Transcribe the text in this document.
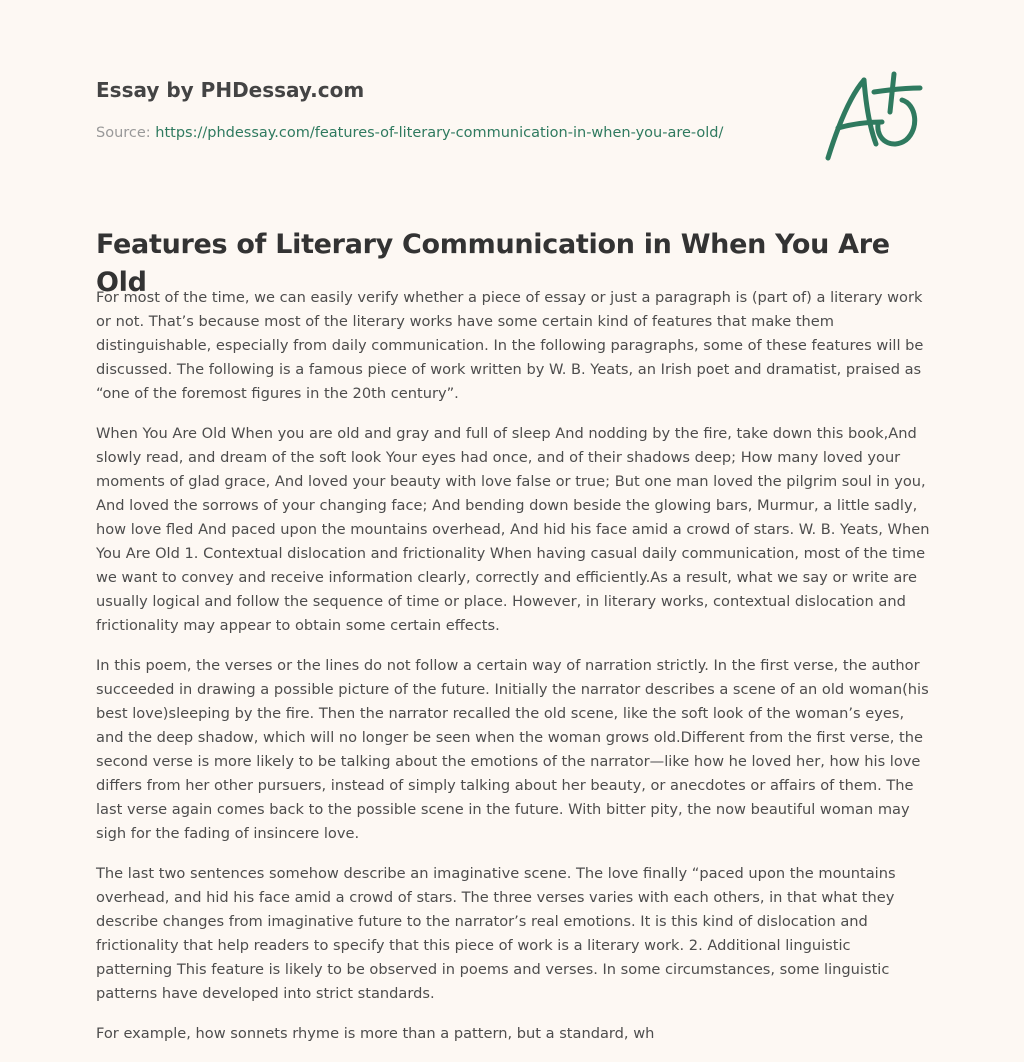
Essay by PHDessay.com
Source: https://phdessay.com/features-of-literary-communication-in-when-you-are-old/
Features of Literary Communication in When You Are Old

For most of the time, we can easily verify whether a piece of essay or just a paragraph is (part of) a literary work or not. That’s because most of the literary works have some certain kind of features that make them distinguishable, especially from daily communication. In the following paragraphs, some of these features will be discussed. The following is a famous piece of work written by W. B. Yeats, an Irish poet and dramatist, praised as “one of the foremost figures in the 20th century”.

When You Are Old When you are old and gray and full of sleep And nodding by the fire, take down this book,And slowly read, and dream of the soft look Your eyes had once, and of their shadows deep; How many loved your moments of glad grace, And loved your beauty with love false or true; But one man loved the pilgrim soul in you, And loved the sorrows of your changing face; And bending down beside the glowing bars, Murmur, a little sadly, how love fled And paced upon the mountains overhead, And hid his face amid a crowd of stars. W. B. Yeats, When You Are Old 1. Contextual dislocation and frictionality When having casual daily communication, most of the time we want to convey and receive information clearly, correctly and efficiently.As a result, what we say or write are usually logical and follow the sequence of time or place. However, in literary works, contextual dislocation and frictionality may appear to obtain some certain effects.

In this poem, the verses or the lines do not follow a certain way of narration strictly. In the first verse, the author succeeded in drawing a possible picture of the future. Initially the narrator describes a scene of an old woman(his best love)sleeping by the fire. Then the narrator recalled the old scene, like the soft look of the woman’s eyes, and the deep shadow, which will no longer be seen when the woman grows old.Different from the first verse, the second verse is more likely to be talking about the emotions of the narrator—like how he loved her, how his love differs from her other pursuers, instead of simply talking about her beauty, or anecdotes or affairs of them. The last verse again comes back to the possible scene in the future. With bitter pity, the now beautiful woman may sigh for the fading of insincere love.

The last two sentences somehow describe an imaginative scene. The love finally “paced upon the mountains overhead, and hid his face amid a crowd of stars. The three verses varies with each others, in that what they describe changes from imaginative future to the narrator’s real emotions. It is this kind of dislocation and frictionality that help readers to specify that this piece of work is a literary work. 2. Additional linguistic patterning This feature is likely to be observed in poems and verses. In some circumstances, some linguistic patterns have developed into strict standards.

For example, how sonnets rhyme is more than a pattern, but a standard, wh
